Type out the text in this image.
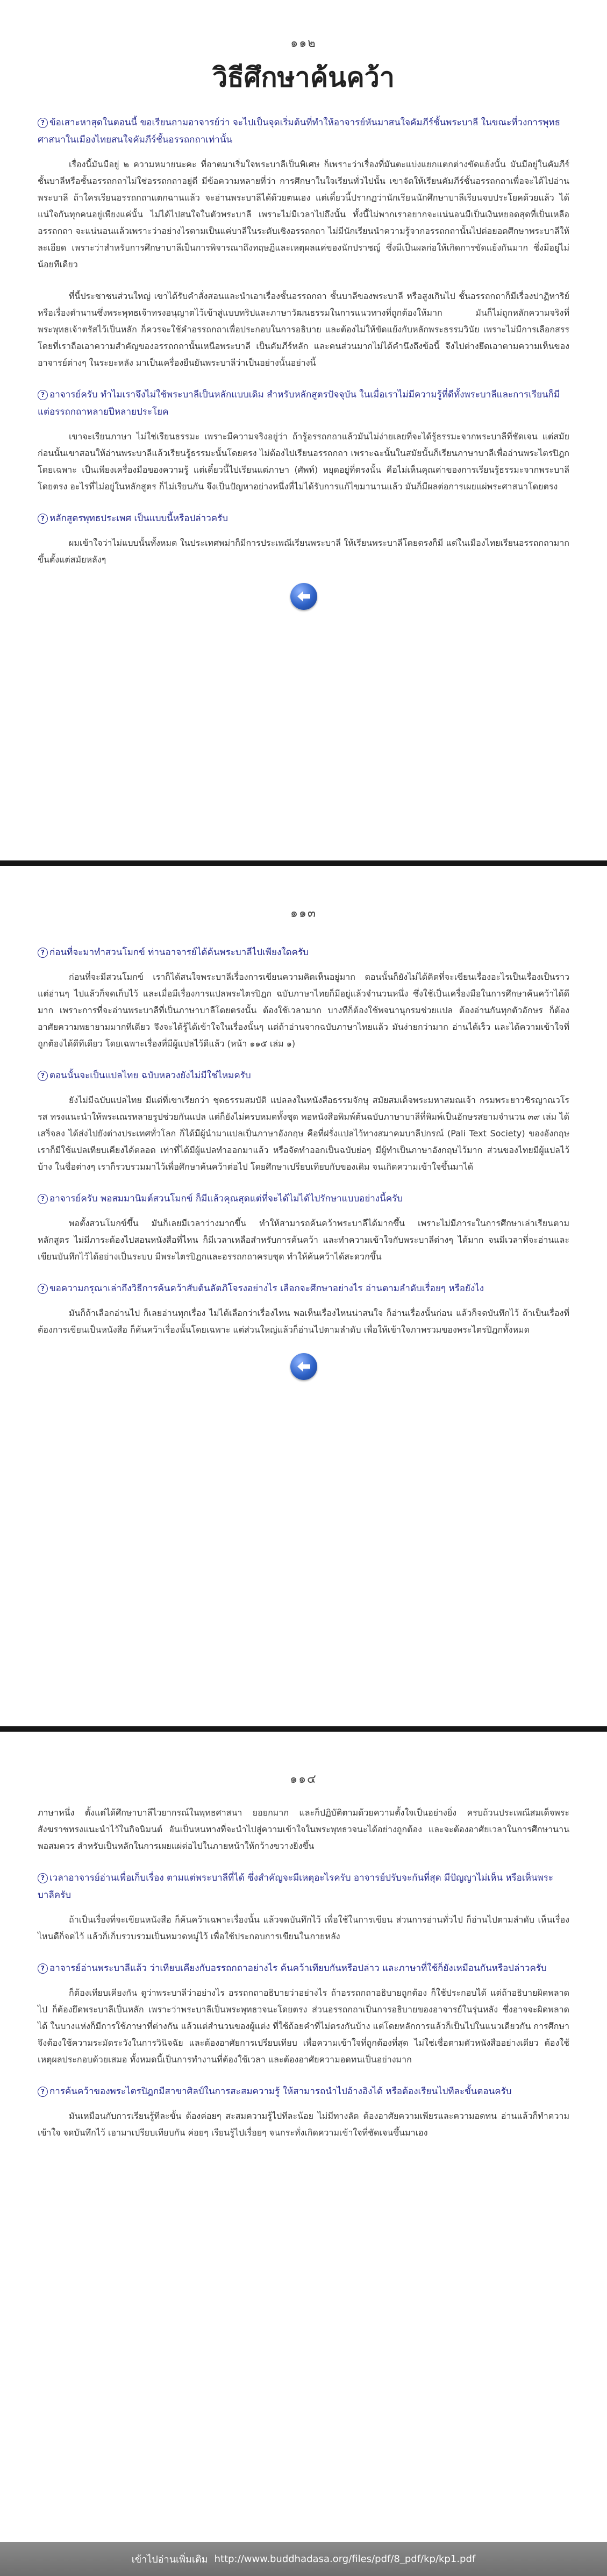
๑๑๒
วิธีศึกษาค้นคว้า
? ข้อเสาะหาสุดในตอนนี้ ขอเรียนถามอาจารย์ว่า จะไปเป็นจุดเริ่มต้นที่ทำให้อาจารย์หันมาสนใจคัมภีร์ชั้นพระบาลี ในขณะที่วงการพุทธศาสนาในเมืองไทยสนใจคัมภีร์ชั้นอรรถกถาเท่านั้น
เรื่องนี้มันมีอยู่ ๒ ความหมายนะคะ ที่อาตมาเริ่มใจพระบาลีเป็นพิเศษ ก็เพราะว่าเรื่องที่มันตะแบ่งแยกแตกต่างขัดแย้งนั้น มันมีอยู่ในคัมภีร์ชั้นบาลีหรือชั้นอรรถกถาไม่ใช่อรรถกถาอยู่ดี มีข้อความหลายที่ว่า การศึกษาในใจเรียนทั่วไปนั้น เขาจัดให้เรียนคัมภีร์ชั้นอรรถกถาเพื่อจะได้ไปอ่านพระบาลี ถ้าใครเรียนอรรถกถาแตกฉานแล้ว จะอ่านพระบาลีได้ด้วยตนเอง แต่เดี๋ยวนี้ปรากฏว่านักเรียนนักศึกษาบาลีเรียนจบประโยคด้วยแล้ว ได้แน่ใจกันทุกคนอยู่เพียงแค่นั้น ไม่ได้ไปสนใจในตัวพระบาลี เพราะไม่มีเวลาไปถึงนั้น ทั้งนี้ไม่พากเราอยากจะแน่นอนมีเป็นเงินหยอดสุดที่เป็นเหลืออรรถกถา จะแน่นอนแล้วเพราะว่าอย่างไรตามเป็นแค่บาลีในระดับเชิงอรรถกถา ไม่มีนักเรียนนำความรู้จากอรรถกถานั้นไปต่อยอดศึกษาพระบาลีให้ละเอียด เพราะว่าสำหรับการศึกษาบาลีเป็นการพิจารณาถึงทฤษฎีและเหตุผลแค่ของนักปราชญ์ ซึ่งมีเป็นผลก่อให้เกิดการขัดแย้งกันมาก ซึ่งมีอยู่ไม่น้อยทีเดียว
ที่นี้ประชาชนส่วนใหญ่ เขาได้รับคำสั่งสอนและนำเอาเรื่องชั้นอรรถกถา ชั้นบาลีของพระบาลี หรือสูงเกินไป ชั้นอรรถกถาก็มีเรื่องปาฏิหาริย์ หรือเรื่องตำนานซึ่งพระพุทธเจ้าทรงอนุญาตไว้เข้าสู่แบบทริปและภาษาวัฒนธรรมในการแนวทางที่ถูกต้องให้มาก มันก็ไม่ถูกหลักความจริงที่พระพุทธเจ้าตรัสไว้เป็นหลัก ก็ควรจะใช้คำอรรถกถาเพื่อประกอบในการอธิบาย และต้องไม่ให้ขัดแย้งกับหลักพระธรรมวินัย เพราะไม่มีการเลือกสรร โดยที่เราถือเอาความสำคัญของอรรถกถานั้นเหนือพระบาลี เป็นคัมภีร์หลัก และคนส่วนมากไม่ได้คำนึงถึงข้อนี้ จึงไปต่างยึดเอาตามความเห็นของอาจารย์ต่างๆ ในระยะหลัง มาเป็นเครื่องยืนยันพระบาลีว่าเป็นอย่างนั้นอย่างนี้
? อาจารย์ครับ ทำไมเราจึงไม่ใช้พระบาลีเป็นหลักแบบเดิม สำหรับหลักสูตรปัจจุบัน ในเมื่อเราไม่มีความรู้ที่ดีทั้งพระบาลีและการเรียนก็มีแต่อรรถกถาหลายปีหลายประโยค
เขาจะเรียนภาษา ไม่ใช่เรียนธรรมะ เพราะมีความจริงอยู่ว่า ถ้ารู้อรรถกถาแล้วมันไม่ง่ายเลยที่จะได้รู้ธรรมะจากพระบาลีที่ชัดเจน แต่สมัยก่อนนั้นเขาสอนให้อ่านพระบาลีแล้วเรียนรู้ธรรมะนั้นโดยตรง ไม่ต้องไปเรียนอรรถกถา เพราะฉะนั้นในสมัยนั้นก็เรียนภาษาบาลีเพื่ออ่านพระไตรปิฎกโดยเฉพาะ เป็นเพียงเครื่องมือของความรู้ แต่เดี๋ยวนี้ไปเรียนแต่ภาษา (ศัพท์) หยุดอยู่ที่ตรงนั้น คือไม่เห็นคุณค่าของการเรียนรู้ธรรมะจากพระบาลีโดยตรง อะไรที่ไม่อยู่ในหลักสูตร ก็ไม่เรียนกัน จึงเป็นปัญหาอย่างหนึ่งที่ไม่ได้รับการแก้ไขมานานแล้ว มันก็มีผลต่อการเผยแผ่พระศาสนาโดยตรง
? หลักสูตรพุทธประเพศ เป็นแบบนี้หรือปล่าวครับ
ผมเข้าใจว่าไม่แบบนั้นทั้งหมด ในประเทศพม่าก็มีการประเพณีเรียนพระบาลี ให้เรียนพระบาลีโดยตรงก็มี แต่ในเมืองไทยเรียนอรรถกถามากขึ้นตั้งแต่สมัยหลังๆ
๑๑๓
? ก่อนที่จะมาทำสวนโมกข์ ท่านอาจารย์ได้ค้นพระบาลีไปเพียงใดครับ
ก่อนที่จะมีสวนโมกข์ เราก็ได้สนใจพระบาลีเรื่องการเขียนความคิดเห็นอยู่มาก ตอนนั้นก็ยังไม่ได้คิดที่จะเขียนเรื่องอะไรเป็นเรื่องเป็นราว แต่อ่านๆ ไปแล้วก็จดเก็บไว้ และเมื่อมีเรื่องการแปลพระไตรปิฎก ฉบับภาษาไทยก็มีอยู่แล้วจำนวนหนึ่ง ซึ่งใช้เป็นเครื่องมือในการศึกษาค้นคว้าได้ดีมาก เพราะการที่จะอ่านพระบาลีที่เป็นภาษาบาลีโดยตรงนั้น ต้องใช้เวลามาก บางทีก็ต้องใช้พจนานุกรมช่วยแปล ต้องอ่านกันทุกตัวอักษร ก็ต้องอาศัยความพยายามมากทีเดียว จึงจะได้รู้ได้เข้าใจในเรื่องนั้นๆ แต่ถ้าอ่านจากฉบับภาษาไทยแล้ว มันง่ายกว่ามาก อ่านได้เร็ว และได้ความเข้าใจที่ถูกต้องได้ดีทีเดียว โดยเฉพาะเรื่องที่มีผู้แปลไว้ดีแล้ว (หน้า ๑๑๕ เล่ม ๑)
? ตอนนั้นจะเป็นแปลไทย ฉบับหลวงยังไม่มีใช่ไหมครับ
ยังไม่มีฉบับแปลไทย มีแต่ที่เขาเรียกว่า ชุดธรรมสมบัติ แปลลงในหนังสือธรรมจักษุ สมัยสมเด็จพระมหาสมณเจ้า กรมพระยาวชิรญาณวโรรส ทรงแนะนำให้พระเณรหลายรูปช่วยกันแปล แต่ก็ยังไม่ครบหมดทั้งชุด พอหนังสือพิมพ์ต้นฉบับภาษาบาลีที่พิมพ์เป็นอักษรสยามจำนวน ๓๙ เล่ม ได้เสร็จลง ได้ส่งไปยังต่างประเทศทั่วโลก ก็ได้มีผู้นำมาแปลเป็นภาษาอังกฤษ คือที่ฝรั่งแปลไว้ทางสมาคมบาลีปกรณ์ (Pali Text Society) ของอังกฤษ เราก็มีใช้แปลเทียบเคียงได้ตลอด เท่าที่ได้มีผู้แปลทำออกมาแล้ว หรือจัดทำออกเป็นฉบับย่อๆ มีผู้ทำเป็นภาษาอังกฤษไว้มาก ส่วนของไทยมีผู้แปลไว้บ้าง ในชื่อต่างๆ เราก็รวบรวมมาไว้เพื่อศึกษาค้นคว้าต่อไป โดยศึกษาเปรียบเทียบกับของเดิม จนเกิดความเข้าใจขึ้นมาได้
? อาจารย์ครับ พอสมมานิมต์สวนโมกข์ ก็มีแล้วคุณสุดแต่ที่จะได้ไม่ได้ไปรักษาแบบอย่างนี้ครับ
พอตั้งสวนโมกข์ขึ้น มันก็เลยมีเวลาว่างมากขึ้น ทำให้สามารถค้นคว้าพระบาลีได้มากขึ้น เพราะไม่มีภาระในการศึกษาเล่าเรียนตามหลักสูตร ไม่มีภาระต้องไปสอนหนังสือที่ไหน ก็มีเวลาเหลือสำหรับการค้นคว้า และทำความเข้าใจกับพระบาลีต่างๆ ได้มาก จนมีเวลาที่จะอ่านและเขียนบันทึกไว้ได้อย่างเป็นระบบ มีพระไตรปิฎกและอรรถกถาครบชุด ทำให้ค้นคว้าได้สะดวกขึ้น
? ขอความกรุณาเล่าถึงวิธีการค้นคว้าสับต้นลัตภิโจรงอย่างไร เลือกจะศึกษาอย่างไร อ่านตามลำดับเรื่อยๆ หรือยังไง
มันก็ถ้าเลือกอ่านไป ก็เลยอ่านทุกเรื่อง ไม่ได้เลือกว่าเรื่องไหน พอเห็นเรื่องไหนน่าสนใจ ก็อ่านเรื่องนั้นก่อน แล้วก็จดบันทึกไว้ ถ้าเป็นเรื่องที่ต้องการเขียนเป็นหนังสือ ก็ค้นคว้าเรื่องนั้นโดยเฉพาะ แต่ส่วนใหญ่แล้วก็อ่านไปตามลำดับ เพื่อให้เข้าใจภาพรวมของพระไตรปิฎกทั้งหมด
๑๑๔
ภาษาหนึ่ง ตั้งแต่ได้ศึกษาบาลีไวยากรณ์ในพุทธศาสนา ยอยกมาก และก็ปฏิบัติตามด้วยความตั้งใจเป็นอย่างยิ่ง ครบถ้วนประเพณีสมเด็จพระสังฆราชทรงแนะนำไว้ในกิจนิมนต์ อันเป็นหนทางที่จะนำไปสู่ความเข้าใจในพระพุทธวจนะได้อย่างถูกต้อง และจะต้องอาศัยเวลาในการศึกษานานพอสมควร สำหรับเป็นหลักในการเผยแผ่ต่อไปในภายหน้าให้กว้างขวางยิ่งขึ้น
? เวลาอาจารย์อ่านเพื่อเก็บเรื่อง ตามแต่พระบาลีที่ได้ ซึ่งสำคัญจะมีเหตุอะไรครับ อาจารย์ปรับจะกันที่สุด มีปัญญาไม่เห็น หรือเห็นพระบาลีครับ
ถ้าเป็นเรื่องที่จะเขียนหนังสือ ก็ค้นคว้าเฉพาะเรื่องนั้น แล้วจดบันทึกไว้ เพื่อใช้ในการเขียน ส่วนการอ่านทั่วไป ก็อ่านไปตามลำดับ เห็นเรื่องไหนดีก็จดไว้ แล้วก็เก็บรวบรวมเป็นหมวดหมู่ไว้ เพื่อใช้ประกอบการเขียนในภายหลัง
? อาจารย์อ่านพระบาลีแล้ว ว่าเทียบเคียงกับอรรถกถาอย่างไร ค้นคว้าเทียบกันหรือปล่าว และภาษาที่ใช้ก็ยังเหมือนกันหรือปล่าวครับ
ก็ต้องเทียบเคียงกัน ดูว่าพระบาลีว่าอย่างไร อรรถกถาอธิบายว่าอย่างไร ถ้าอรรถกถาอธิบายถูกต้อง ก็ใช้ประกอบได้ แต่ถ้าอธิบายผิดพลาดไป ก็ต้องยึดพระบาลีเป็นหลัก เพราะว่าพระบาลีเป็นพระพุทธวจนะโดยตรง ส่วนอรรถกถาเป็นการอธิบายของอาจารย์ในรุ่นหลัง ซึ่งอาจจะผิดพลาดได้ ในบางแห่งก็มีการใช้ภาษาที่ต่างกัน แล้วแต่สำนวนของผู้แต่ง ที่ใช้ถ้อยคำที่ไม่ตรงกันบ้าง แต่โดยหลักการแล้วก็เป็นไปในแนวเดียวกัน การศึกษาจึงต้องใช้ความระมัดระวังในการวินิจฉัย และต้องอาศัยการเปรียบเทียบ เพื่อความเข้าใจที่ถูกต้องที่สุด ไม่ใช่เชื่อตามตัวหนังสืออย่างเดียว ต้องใช้เหตุผลประกอบด้วยเสมอ ทั้งหมดนี้เป็นการทำงานที่ต้องใช้เวลา และต้องอาศัยความอดทนเป็นอย่างมาก
? การค้นคว้าของพระไตรปิฎกมีสาขาศิลป์ในการสะสมความรู้ ให้สามารถนำไปอ้างอิงได้ หรือต้องเรียนไปทีละขั้นตอนครับ
มันเหมือนกับการเรียนรู้ทีละขั้น ต้องค่อยๆ สะสมความรู้ไปทีละน้อย ไม่มีทางลัด ต้องอาศัยความเพียรและความอดทน อ่านแล้วก็ทำความเข้าใจ จดบันทึกไว้ เอามาเปรียบเทียบกัน ค่อยๆ เรียนรู้ไปเรื่อยๆ จนกระทั่งเกิดความเข้าใจที่ชัดเจนขึ้นมาเอง
เข้าไปอ่านเพิ่มเติม http://www.buddhadasa.org/files/pdf/8_pdf/kp/kp1.pdf
